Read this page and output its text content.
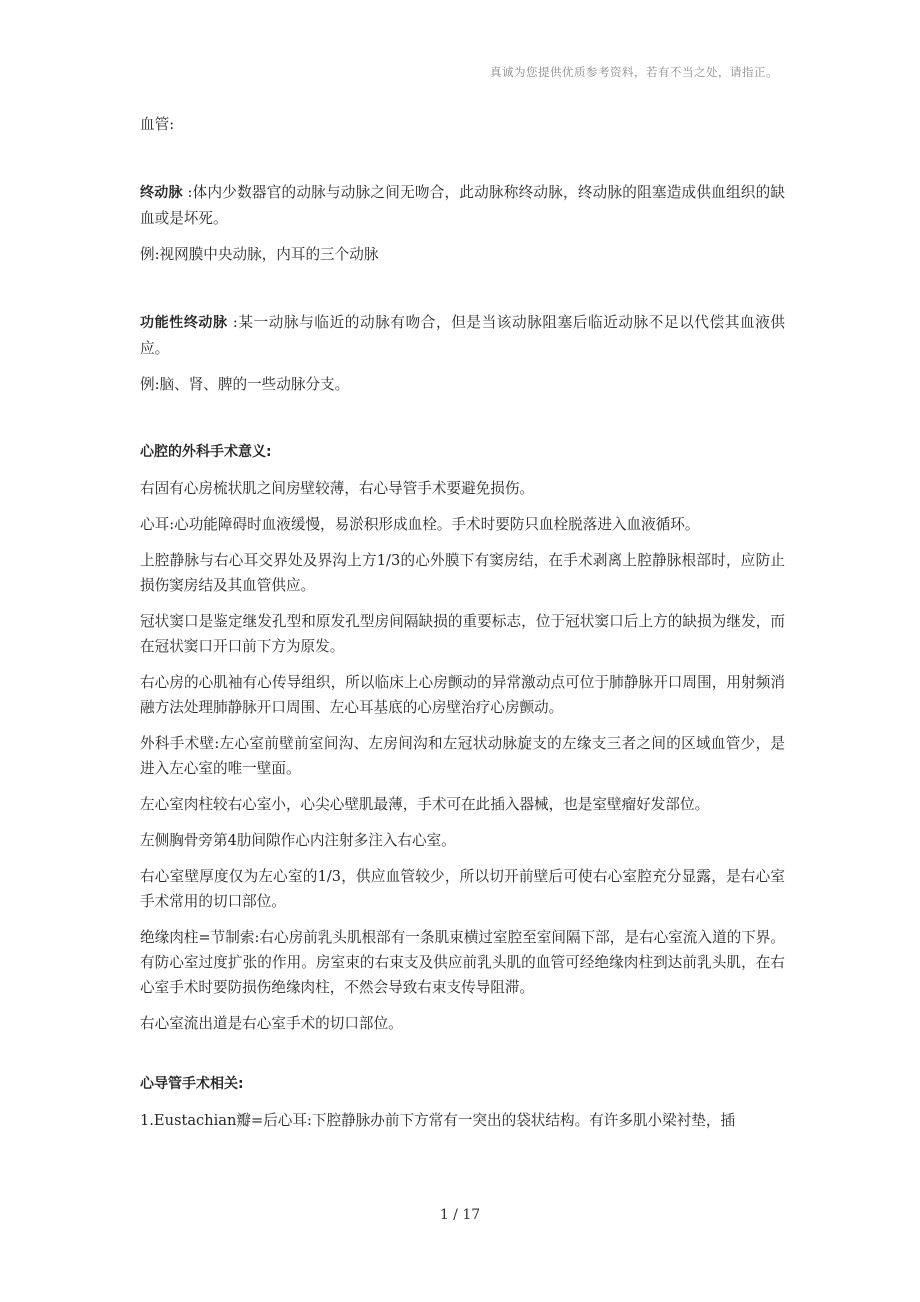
真诚为您提供优质参考资料，若有不当之处，请指正。

血管:

终动脉 :体内少数器官的动脉与动脉之间无吻合，此动脉称终动脉，终动脉的阻塞造成供血组织的缺血或是坏死。

例:视网膜中央动脉，内耳的三个动脉

功能性终动脉 :某一动脉与临近的动脉有吻合，但是当该动脉阻塞后临近动脉不足以代偿其血液供应。

例:脑、肾、脾的一些动脉分支。

心腔的外科手术意义:

右固有心房梳状肌之间房壁较薄，右心导管手术要避免损伤。

心耳:心功能障碍时血液缓慢，易淤积形成血栓。手术时要防只血栓脱落进入血液循环。

上腔静脉与右心耳交界处及界沟上方1/3的心外膜下有窦房结，在手术剥离上腔静脉根部时，应防止损伤窦房结及其血管供应。

冠状窦口是鉴定继发孔型和原发孔型房间隔缺损的重要标志，位于冠状窦口后上方的缺损为继发，而在冠状窦口开口前下方为原发。

右心房的心肌袖有心传导组织，所以临床上心房颤动的异常激动点可位于肺静脉开口周围，用射频消融方法处理肺静脉开口周围、左心耳基底的心房壁治疗心房颤动。

外科手术壁:左心室前壁前室间沟、左房间沟和左冠状动脉旋支的左缘支三者之间的区域血管少，是进入左心室的唯一壁面。

左心室肉柱较右心室小，心尖心壁肌最薄，手术可在此插入器械，也是室壁瘤好发部位。

左侧胸骨旁第4肋间隙作心内注射多注入右心室。

右心室壁厚度仅为左心室的1/3，供应血管较少，所以切开前壁后可使右心室腔充分显露，是右心室手术常用的切口部位。

绝缘肉柱=节制索:右心房前乳头肌根部有一条肌束横过室腔至室间隔下部，是右心室流入道的下界。有防心室过度扩张的作用。房室束的右束支及供应前乳头肌的血管可经绝缘肉柱到达前乳头肌，在右心室手术时要防损伤绝缘肉柱，不然会导致右束支传导阻滞。

右心室流出道是右心室手术的切口部位。

心导管手术相关:

1.Eustachian瓣=后心耳:下腔静脉办前下方常有一突出的袋状结构。有许多肌小梁衬垫，插

1 / 17
